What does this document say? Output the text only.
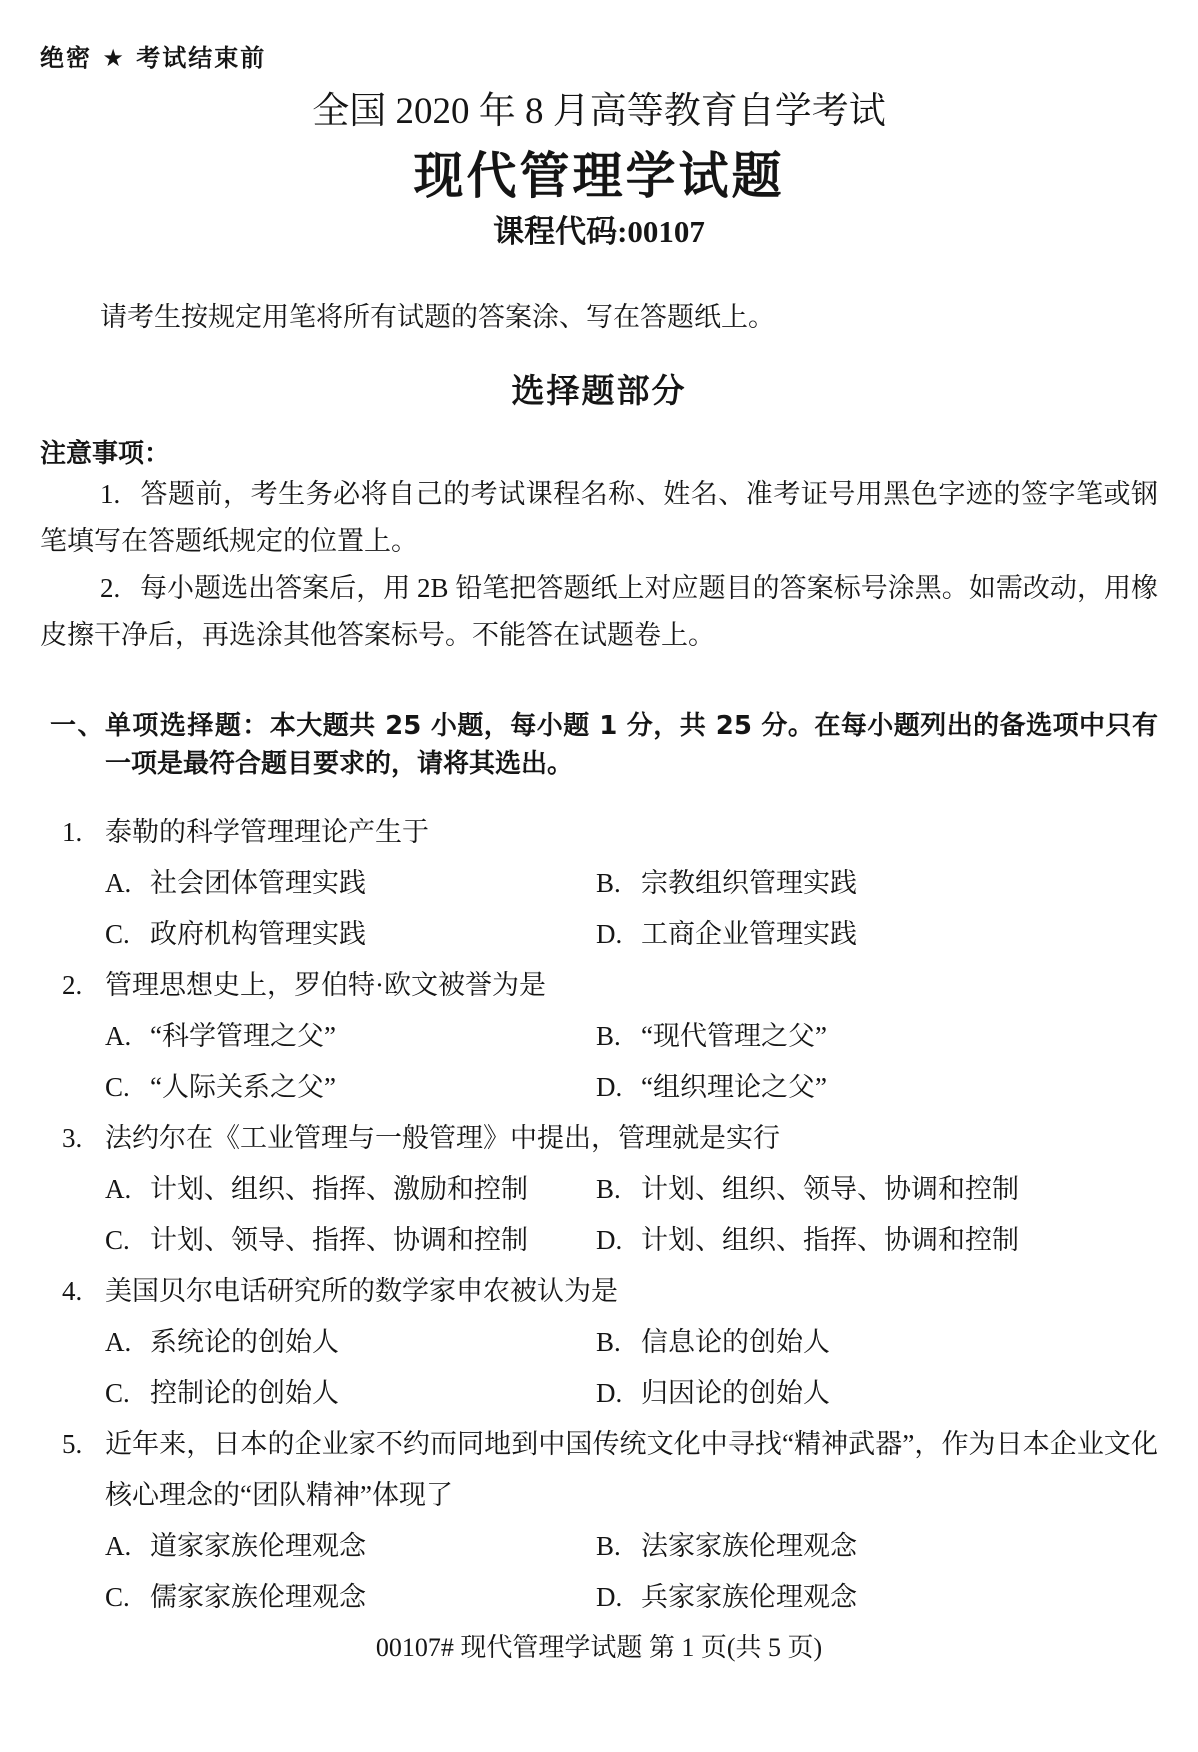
绝密 ★ 考试结束前
全国 2020 年 8 月高等教育自学考试
现代管理学试题
课程代码:00107

请考生按规定用笔将所有试题的答案涂、写在答题纸上。

选择题部分
注意事项：

1. 答题前，考生务必将自己的考试课程名称、姓名、准考证号用黑色字迹的签字笔或钢笔填写在答题纸规定的位置上。

2. 每小题选出答案后，用 2B 铅笔把答题纸上对应题目的答案标号涂黑。如需改动，用橡皮擦干净后，再选涂其他答案标号。不能答在试题卷上。

一、单项选择题：本大题共 25 小题，每小题 1 分，共 25 分。在每小题列出的备选项中只有一项是最符合题目要求的，请将其选出。

1. 泰勒的科学管理理论产生于

A. 社会团体管理实践	B. 宗教组织管理实践

C. 政府机构管理实践	D. 工商企业管理实践

2. 管理思想史上，罗伯特·欧文被誉为是

A. “科学管理之父”	B. “现代管理之父”

C. “人际关系之父”	D. “组织理论之父”

3. 法约尔在《工业管理与一般管理》中提出，管理就是实行

A. 计划、组织、指挥、激励和控制	B. 计划、组织、领导、协调和控制

C. 计划、领导、指挥、协调和控制	D. 计划、组织、指挥、协调和控制

4. 美国贝尔电话研究所的数学家申农被认为是

A. 系统论的创始人	B. 信息论的创始人

C. 控制论的创始人	D. 归因论的创始人

5. 近年来，日本的企业家不约而同地到中国传统文化中寻找“精神武器”，作为日本企业文化核心理念的“团队精神”体现了

A. 道家家族伦理观念	B. 法家家族伦理观念

C. 儒家家族伦理观念	D. 兵家家族伦理观念

00107# 现代管理学试题 第 1 页(共 5 页)
